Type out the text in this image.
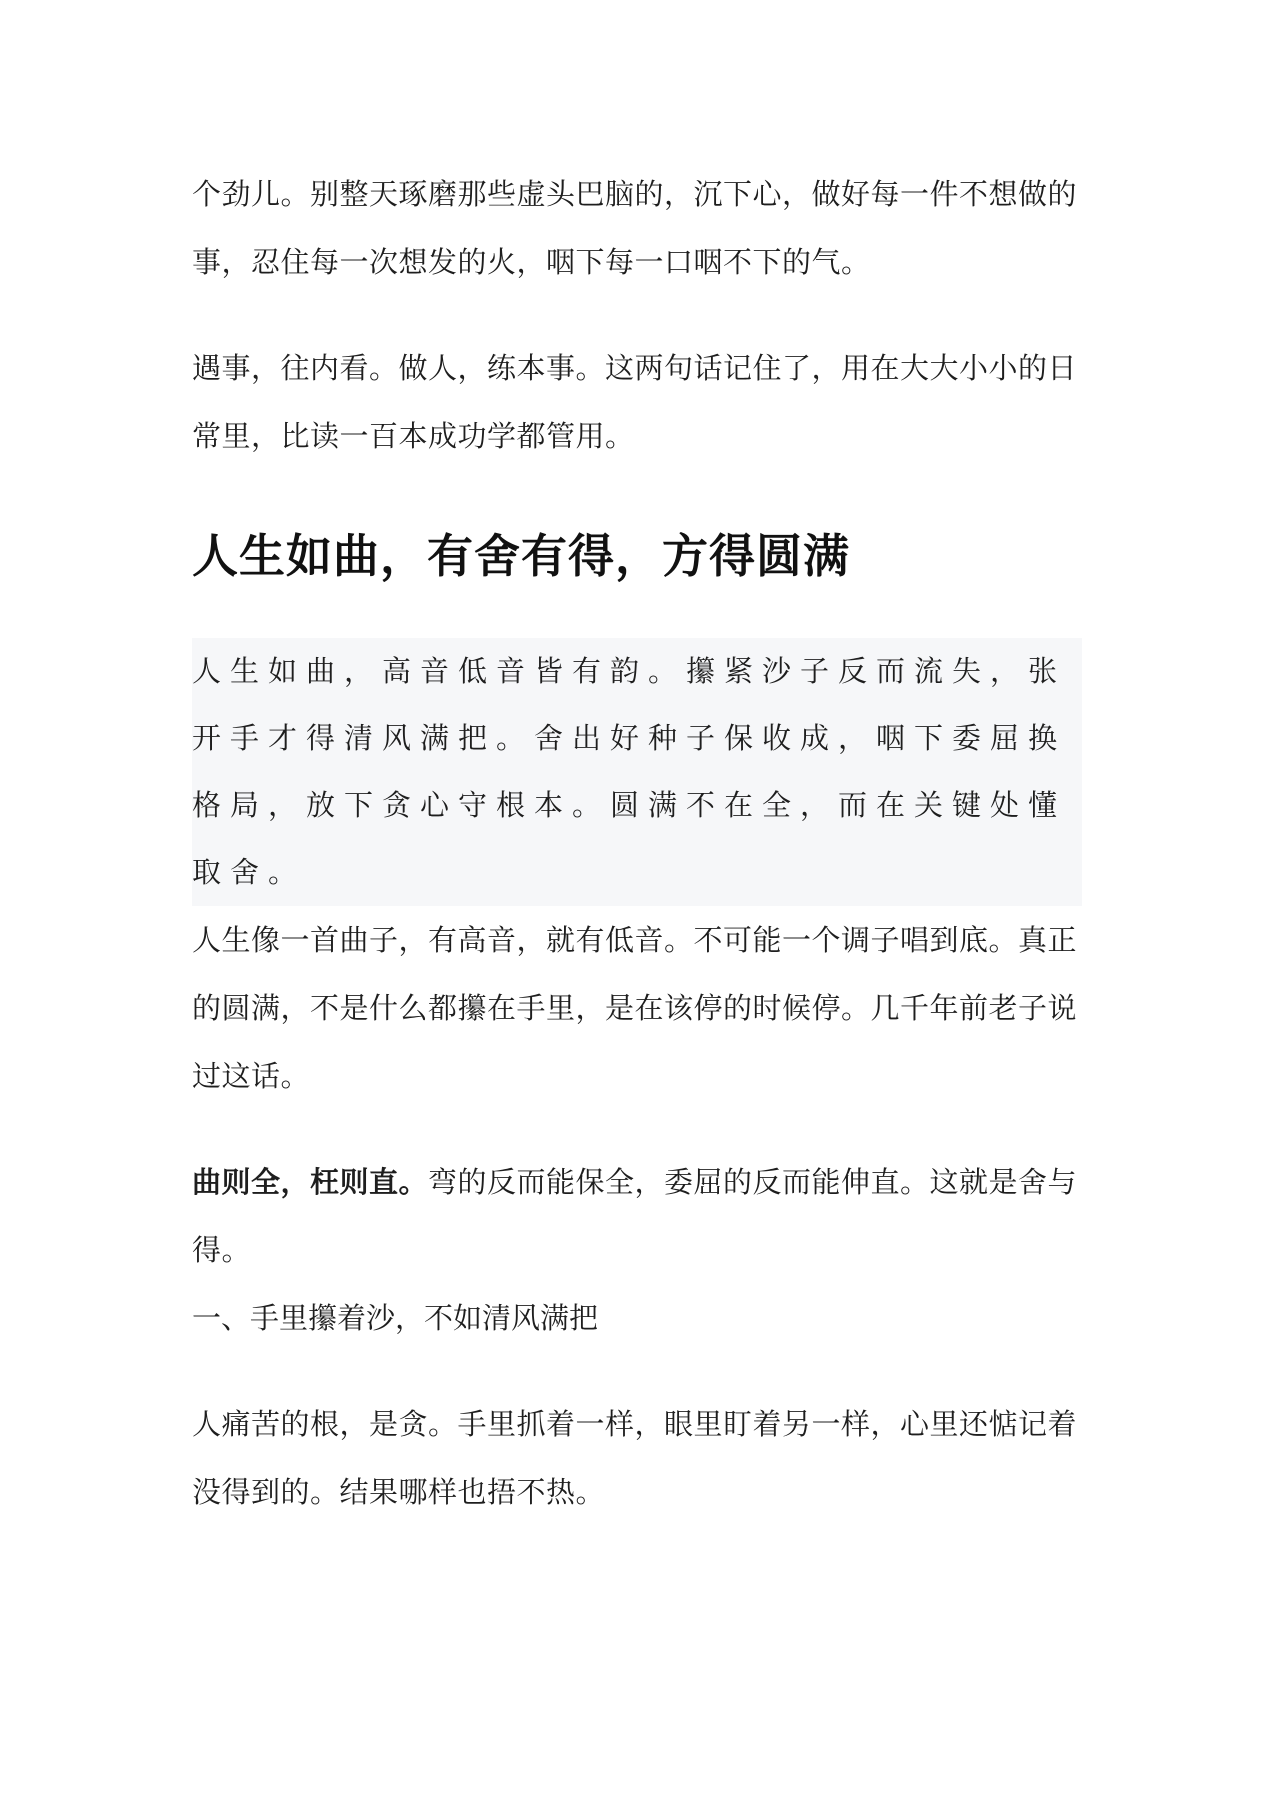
个劲儿。别整天琢磨那些虚头巴脑的，沉下心，做好每一件不想做的事，忍住每一次想发的火，咽下每一口咽不下的气。

遇事，往内看。做人，练本事。这两句话记住了，用在大大小小的日常里，比读一百本成功学都管用。

人生如曲，有舍有得，方得圆满

人生如曲，高音低音皆有韵。攥紧沙子反而流失，张开手才得清风满把。舍出好种子保收成，咽下委屈换格局，放下贪心守根本。圆满不在全，而在关键处懂取舍。

人生像一首曲子，有高音，就有低音。不可能一个调子唱到底。真正的圆满，不是什么都攥在手里，是在该停的时候停。几千年前老子说过这话。

曲则全，枉则直。弯的反而能保全，委屈的反而能伸直。这就是舍与得。

一、手里攥着沙，不如清风满把

人痛苦的根，是贪。手里抓着一样，眼里盯着另一样，心里还惦记着没得到的。结果哪样也捂不热。
